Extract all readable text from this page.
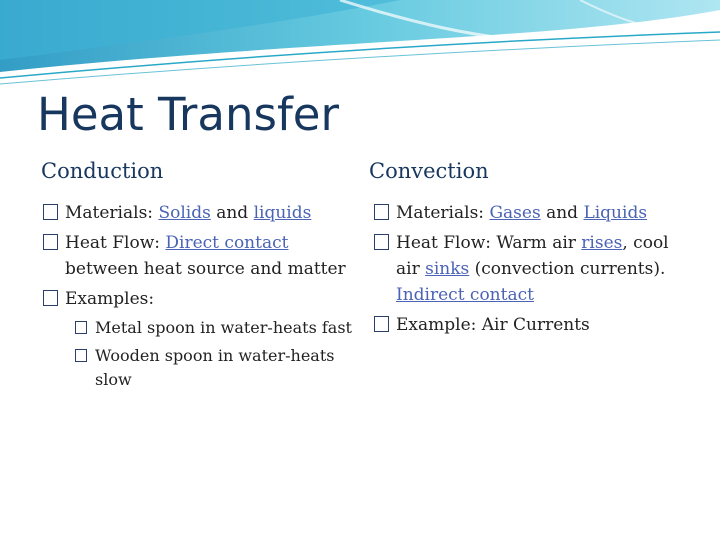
Heat Transfer
Conduction	Convection
Materials: Solids and liquids
Heat Flow: Direct contact between heat source and matter
Examples:
Metal spoon in water-heats fast
Wooden spoon in water-heats slow
Materials: Gases and Liquids
Heat Flow: Warm air rises, cool air sinks (convection currents). Indirect contact
Example: Air Currents
